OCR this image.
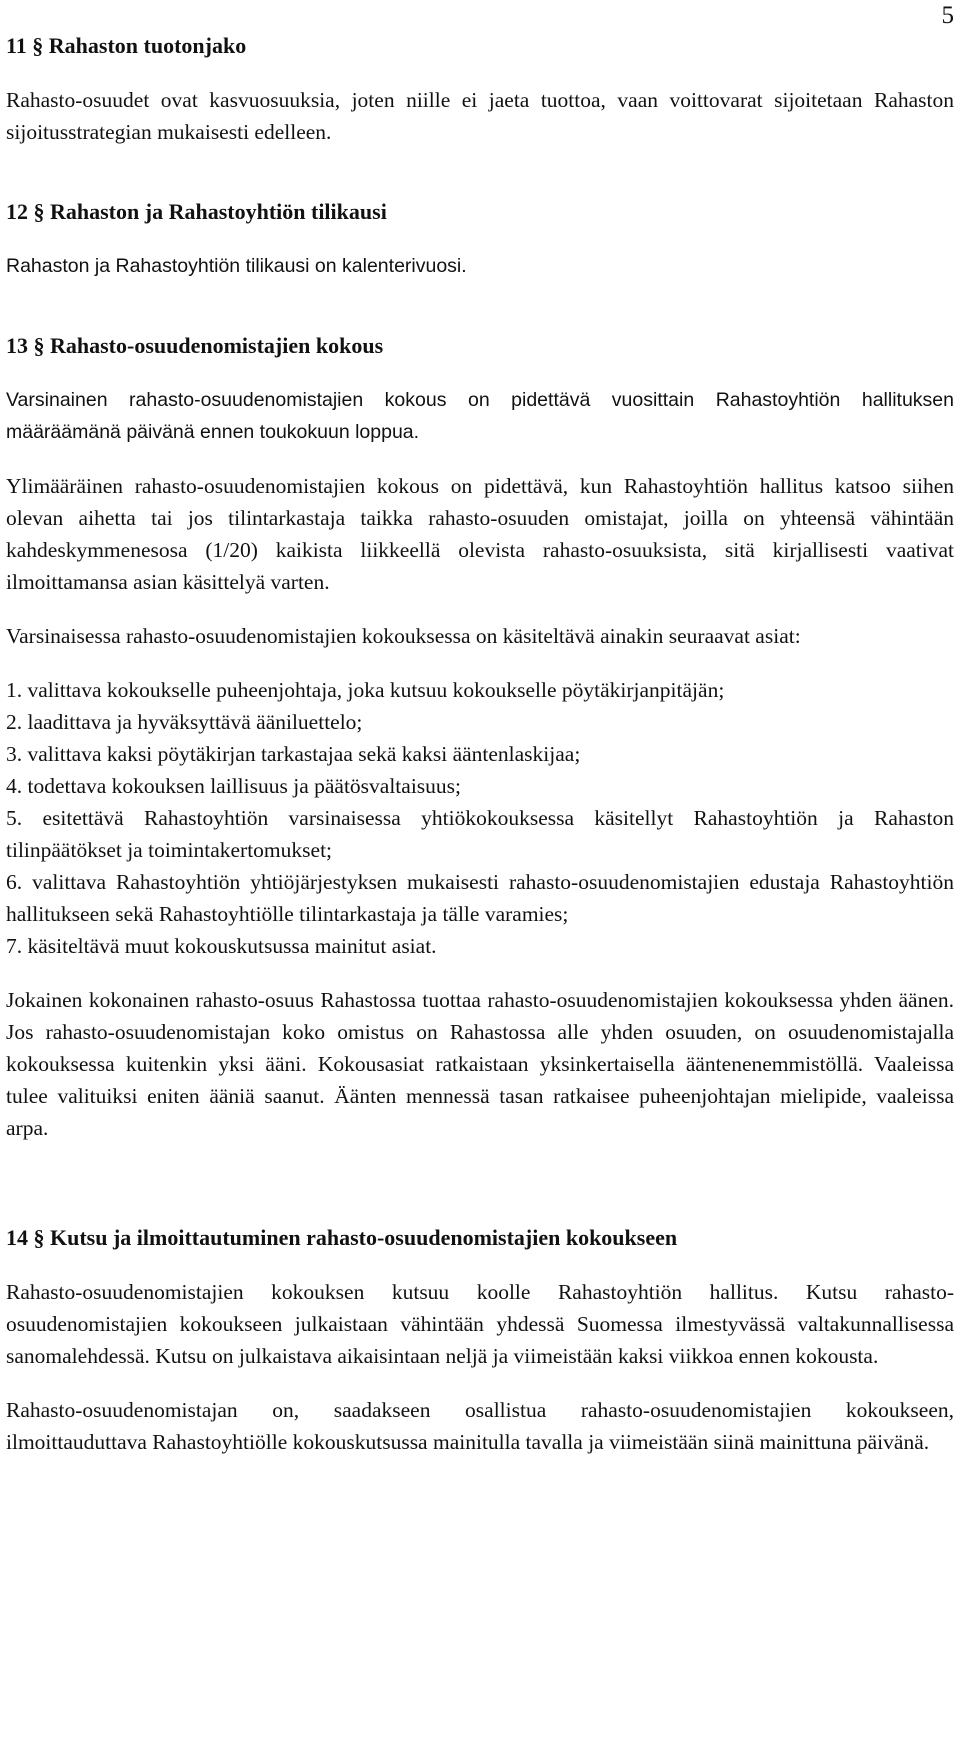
5
11 § Rahaston tuotonjako

Rahasto-osuudet ovat kasvuosuuksia, joten niille ei jaeta tuottoa, vaan voittovarat sijoitetaan Rahaston sijoitusstrategian mukaisesti edelleen.

12 § Rahaston ja Rahastoyhtiön tilikausi

Rahaston ja Rahastoyhtiön tilikausi on kalenterivuosi.

13 § Rahasto-osuudenomistajien kokous

Varsinainen rahasto-osuudenomistajien kokous on pidettävä vuosittain Rahastoyhtiön hallituksen määräämänä päivänä ennen toukokuun loppua.

Ylimääräinen rahasto-osuudenomistajien kokous on pidettävä, kun Rahastoyhtiön hallitus katsoo siihen olevan aihetta tai jos tilintarkastaja taikka rahasto-osuuden omistajat, joilla on yhteensä vähintään kahdeskymmenesosa (1/20) kaikista liikkeellä olevista rahasto-osuuksista, sitä kirjallisesti vaativat ilmoittamansa asian käsittelyä varten.

Varsinaisessa rahasto-osuudenomistajien kokouksessa on käsiteltävä ainakin seuraavat asiat:

1. valittava kokoukselle puheenjohtaja, joka kutsuu kokoukselle pöytäkirjanpitäjän;
2. laadittava ja hyväksyttävä ääniluettelo;
3. valittava kaksi pöytäkirjan tarkastajaa sekä kaksi ääntenlaskijaa;
4. todettava kokouksen laillisuus ja päätösvaltaisuus;
5. esitettävä Rahastoyhtiön varsinaisessa yhtiökokouksessa käsitellyt Rahastoyhtiön ja Rahaston tilinpäätökset ja toimintakertomukset;
6. valittava Rahastoyhtiön yhtiöjärjestyksen mukaisesti rahasto-osuudenomistajien edustaja Rahastoyhtiön hallitukseen sekä Rahastoyhtiölle tilintarkastaja ja tälle varamies;
7. käsiteltävä muut kokouskutsussa mainitut asiat.

Jokainen kokonainen rahasto-osuus Rahastossa tuottaa rahasto-osuudenomistajien kokouksessa yhden äänen. Jos rahasto-osuudenomistajan koko omistus on Rahastossa alle yhden osuuden, on osuudenomistajalla kokouksessa kuitenkin yksi ääni. Kokousasiat ratkaistaan yksinkertaisella ääntenenemmistöllä. Vaaleissa tulee valituiksi eniten ääniä saanut. Äänten mennessä tasan ratkaisee puheenjohtajan mielipide, vaaleissa arpa.

14 § Kutsu ja ilmoittautuminen rahasto-osuudenomistajien kokoukseen

Rahasto-osuudenomistajien kokouksen kutsuu koolle Rahastoyhtiön hallitus. Kutsu rahasto-osuudenomistajien kokoukseen julkaistaan vähintään yhdessä Suomessa ilmestyvässä valtakunnallisessa sanomalehdessä. Kutsu on julkaistava aikaisintaan neljä ja viimeistään kaksi viikkoa ennen kokousta.

Rahasto-osuudenomistajan on, saadakseen osallistua rahasto-osuudenomistajien kokoukseen, ilmoittauduttava Rahastoyhtiölle kokouskutsussa mainitulla tavalla ja viimeistään siinä mainittuna päivänä.
